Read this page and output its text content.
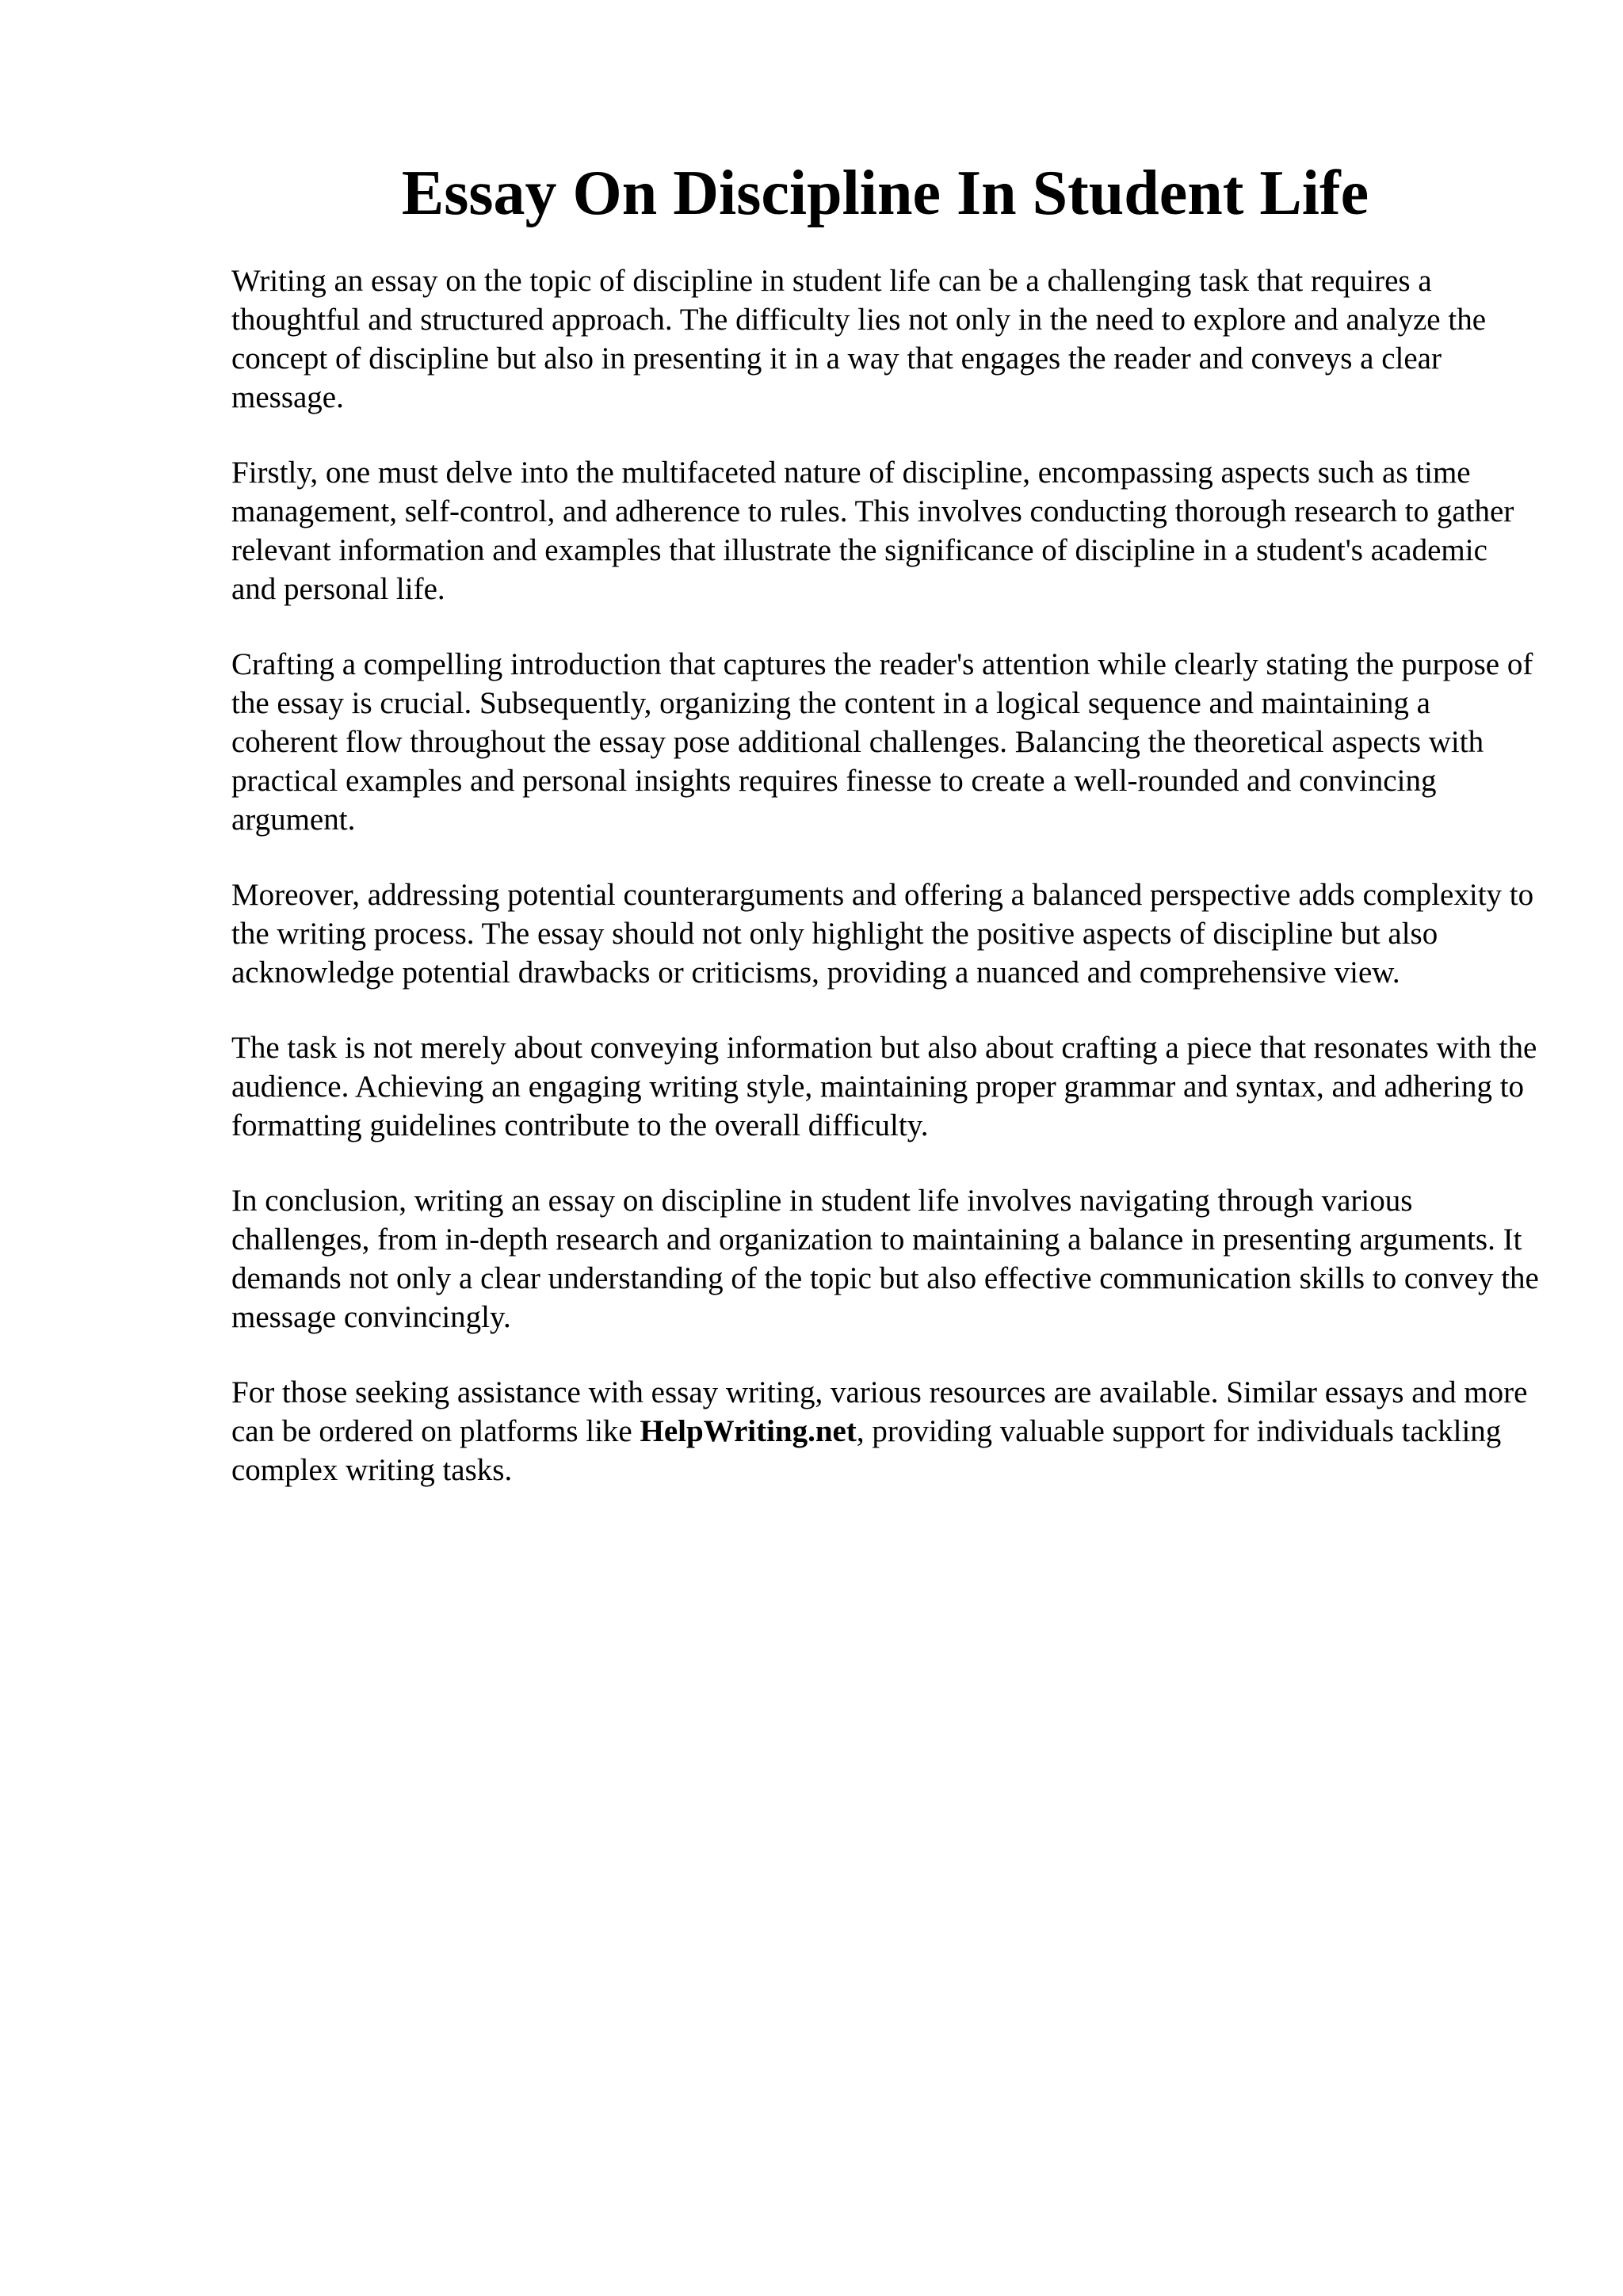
Essay On Discipline In Student Life

Writing an essay on the topic of discipline in student life can be a challenging task that requires a thoughtful and structured approach. The difficulty lies not only in the need to explore and analyze the concept of discipline but also in presenting it in a way that engages the reader and conveys a clear message.

Firstly, one must delve into the multifaceted nature of discipline, encompassing aspects such as time management, self-control, and adherence to rules. This involves conducting thorough research to gather relevant information and examples that illustrate the significance of discipline in a student's academic and personal life.

Crafting a compelling introduction that captures the reader's attention while clearly stating the purpose of the essay is crucial. Subsequently, organizing the content in a logical sequence and maintaining a coherent flow throughout the essay pose additional challenges. Balancing the theoretical aspects with practical examples and personal insights requires finesse to create a well-rounded and convincing argument.

Moreover, addressing potential counterarguments and offering a balanced perspective adds complexity to the writing process. The essay should not only highlight the positive aspects of discipline but also acknowledge potential drawbacks or criticisms, providing a nuanced and comprehensive view.

The task is not merely about conveying information but also about crafting a piece that resonates with the audience. Achieving an engaging writing style, maintaining proper grammar and syntax, and adhering to formatting guidelines contribute to the overall difficulty.

In conclusion, writing an essay on discipline in student life involves navigating through various challenges, from in-depth research and organization to maintaining a balance in presenting arguments. It demands not only a clear understanding of the topic but also effective communication skills to convey the message convincingly.

For those seeking assistance with essay writing, various resources are available. Similar essays and more can be ordered on platforms like HelpWriting.net, providing valuable support for individuals tackling complex writing tasks.
